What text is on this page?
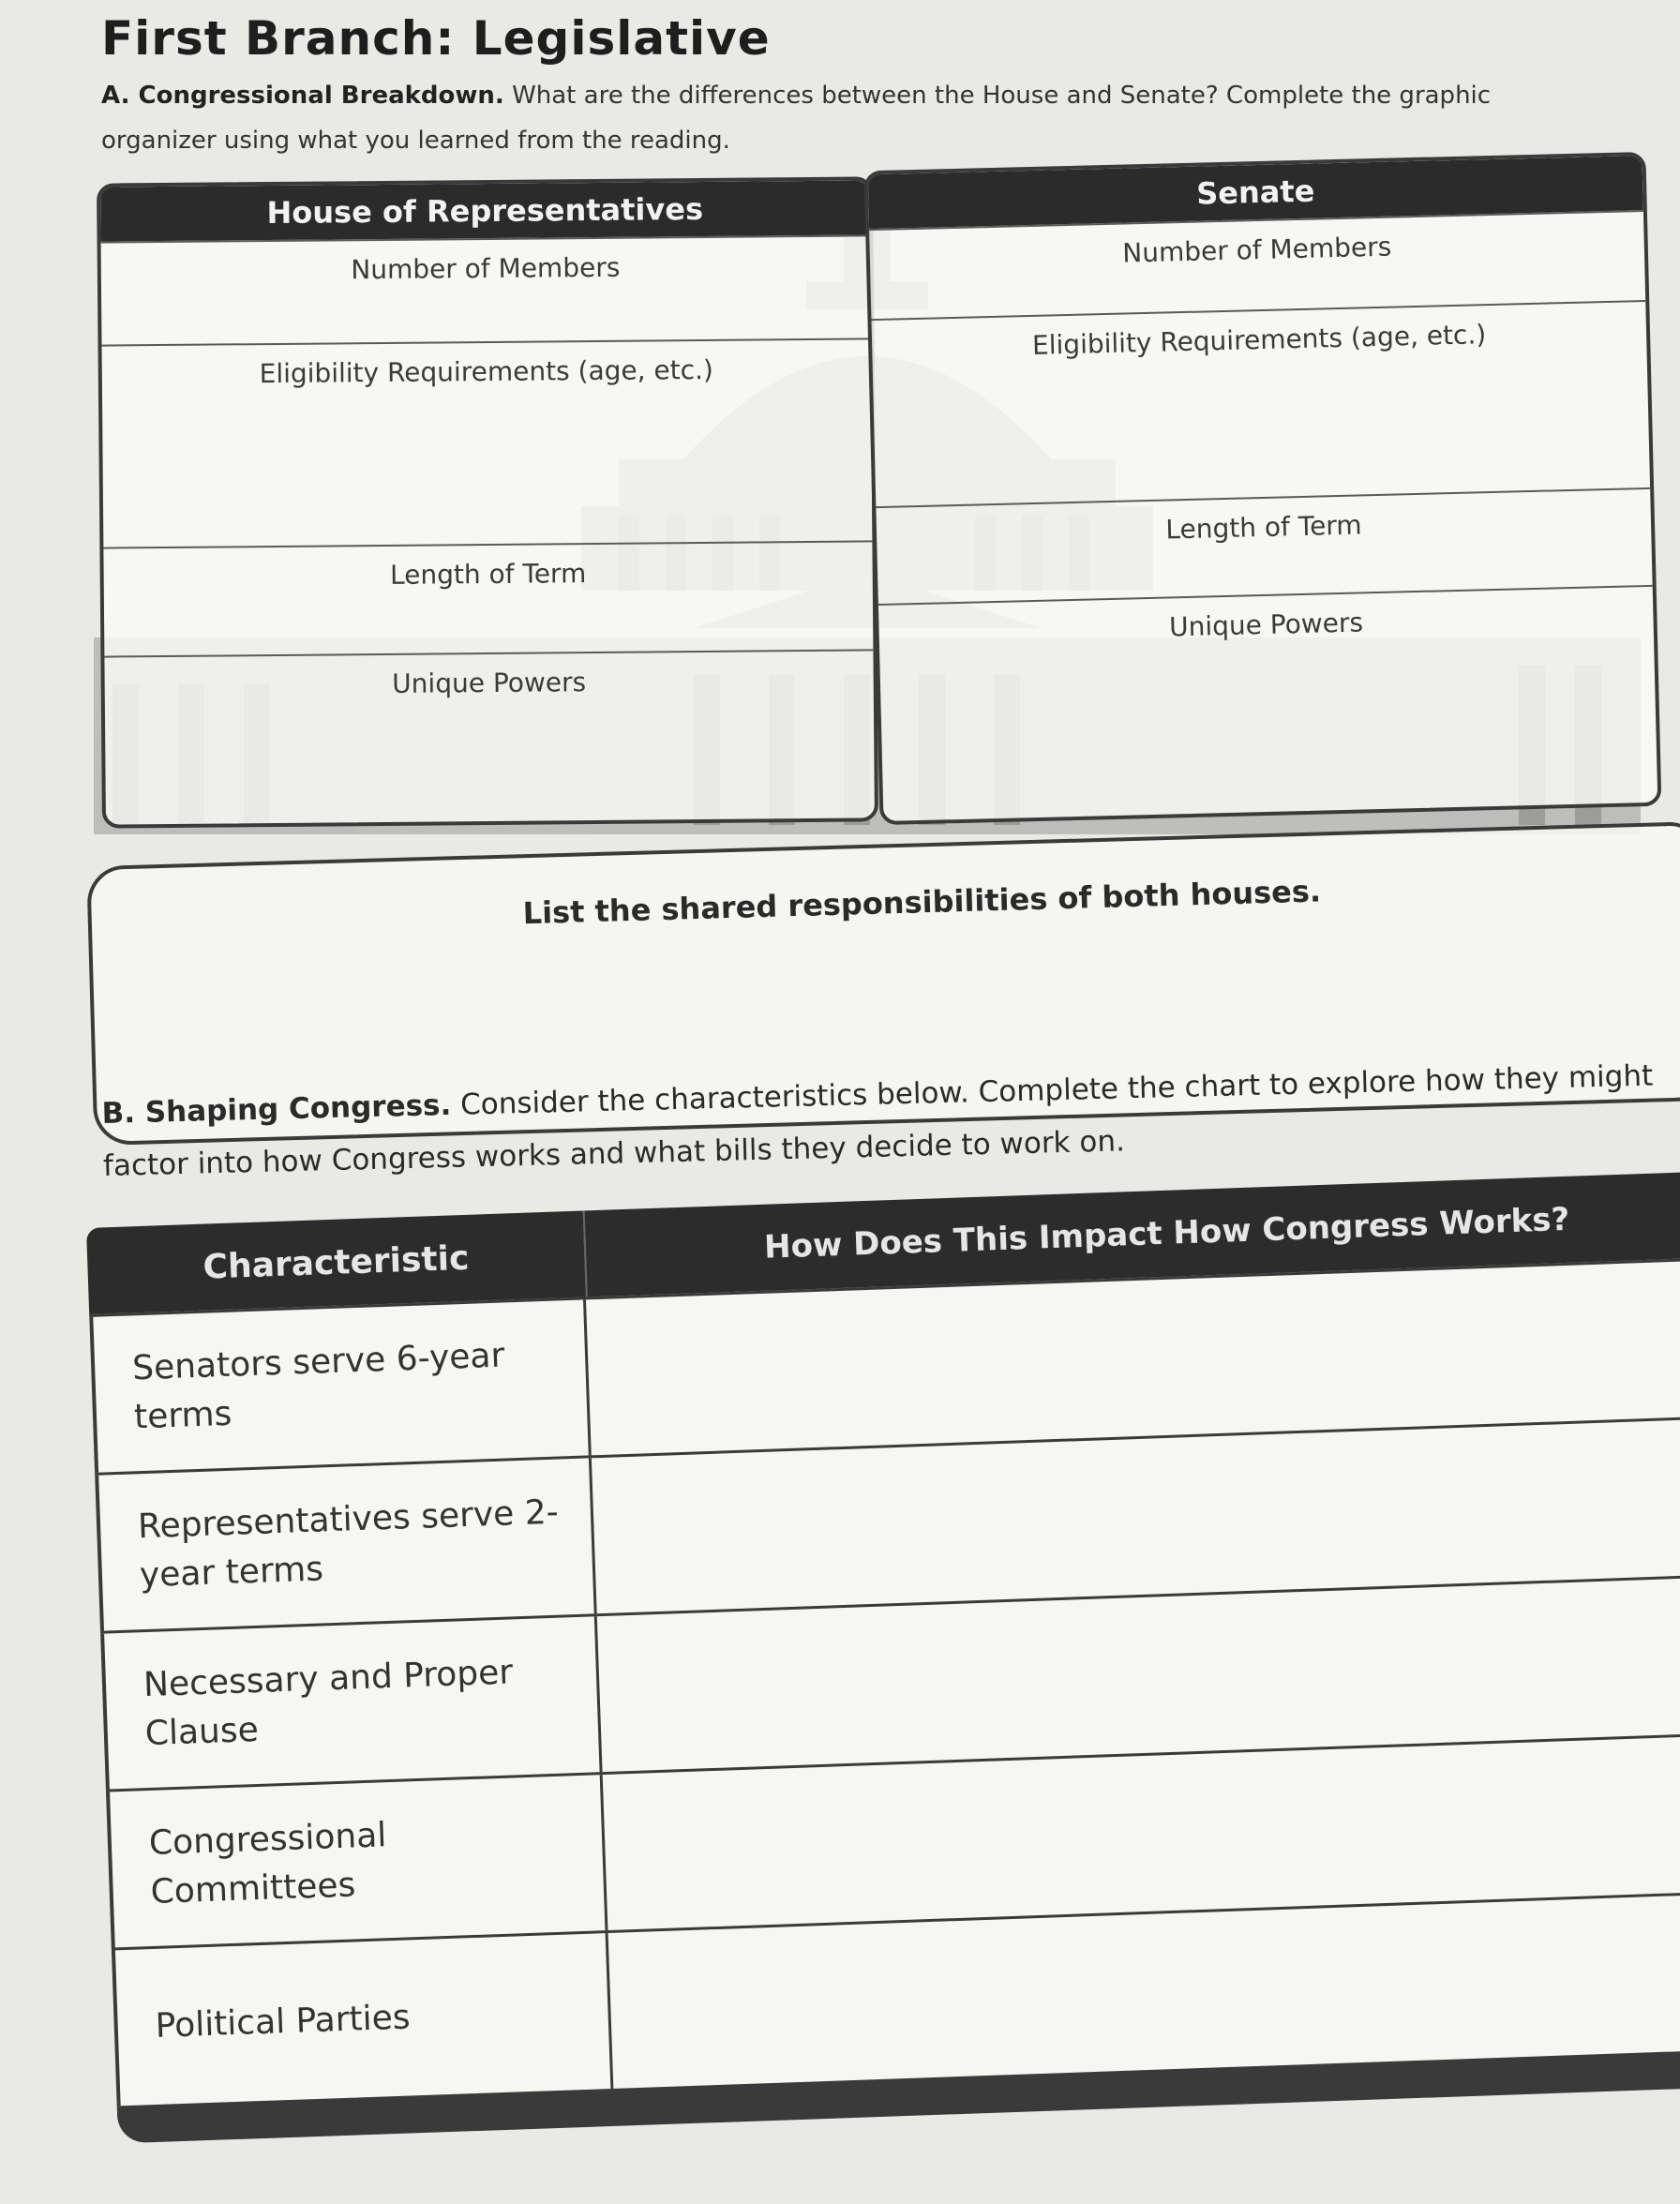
First Branch: Legislative
A. Congressional Breakdown. What are the differences between the House and Senate? Complete the graphic organizer using what you learned from the reading.
House of Representatives
Number of Members
Eligibility Requirements (age, etc.)
Length of Term
Unique Powers
Senate
Number of Members
Eligibility Requirements (age, etc.)
Length of Term
Unique Powers
List the shared responsibilities of both houses.
B. Shaping Congress. Consider the characteristics below. Complete the chart to explore how they might factor into how Congress works and what bills they decide to work on.
Characteristic	How Does This Impact How Congress Works?
Senators serve 6-year terms
Representatives serve 2-year terms
Necessary and Proper Clause
Congressional Committees
Political Parties
